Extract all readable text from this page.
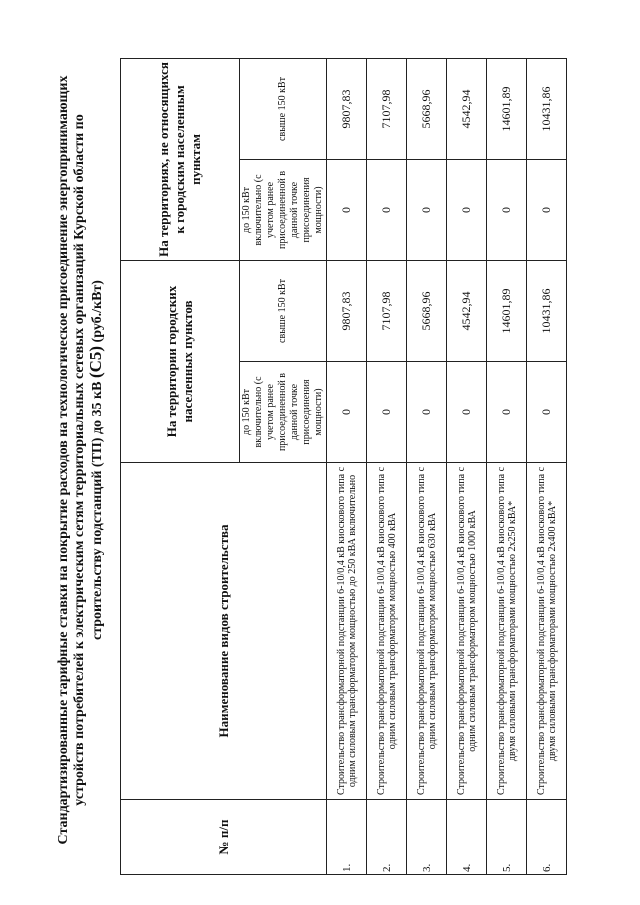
Стандартизированные тарифные ставки на покрытие расходов на технологическое присоединение энергопринимающих устройств потребителей к электрическим сетям территориальных сетевых организаций Курской области по строительству подстанций (ТП) до 35 кВ (С5) (руб./кВт)
№ п/п	Наименование видов строительства	На территории городских населенных пунктов		На территориях, не относящихся к городским населенным пунктам	
		до 150 кВт включительно (с учетом ранее присоединенной в данной точке присоединения мощности)	свыше 150 кВт	до 150 кВт включительно (с учетом ранее присоединенной в данной точке присоединения мощности)	свыше 150 кВт
1.	Строительство трансформаторной подстанции 6-10/0,4 кВ киоскового типа с одним силовым трансформатором мощностью до 250 кВА включительно	0	9807,83	0	9807,83
2.	Строительство трансформаторной подстанции 6-10/0,4 кВ киоскового типа с одним силовым трансформатором мощностью 400 кВА	0	7107,98	0	7107,98
3.	Строительство трансформаторной подстанции 6-10/0,4 кВ киоскового типа с одним силовым трансформатором мощностью 630 кВА	0	5668,96	0	5668,96
4.	Строительство трансформаторной подстанции 6-10/0,4 кВ киоскового типа с одним силовым трансформатором мощностью 1000 кВА	0	4542,94	0	4542,94
5.	Строительство трансформаторной подстанции 6-10/0,4 кВ киоскового типа с двумя силовыми трансформаторами мощностью 2х250 кВА*	0	14601,89	0	14601,89
6.	Строительство трансформаторной подстанции 6-10/0,4 кВ киоскового типа с двумя силовыми трансформаторами мощностью 2х400 кВА*	0	10431,86	0	10431,86
